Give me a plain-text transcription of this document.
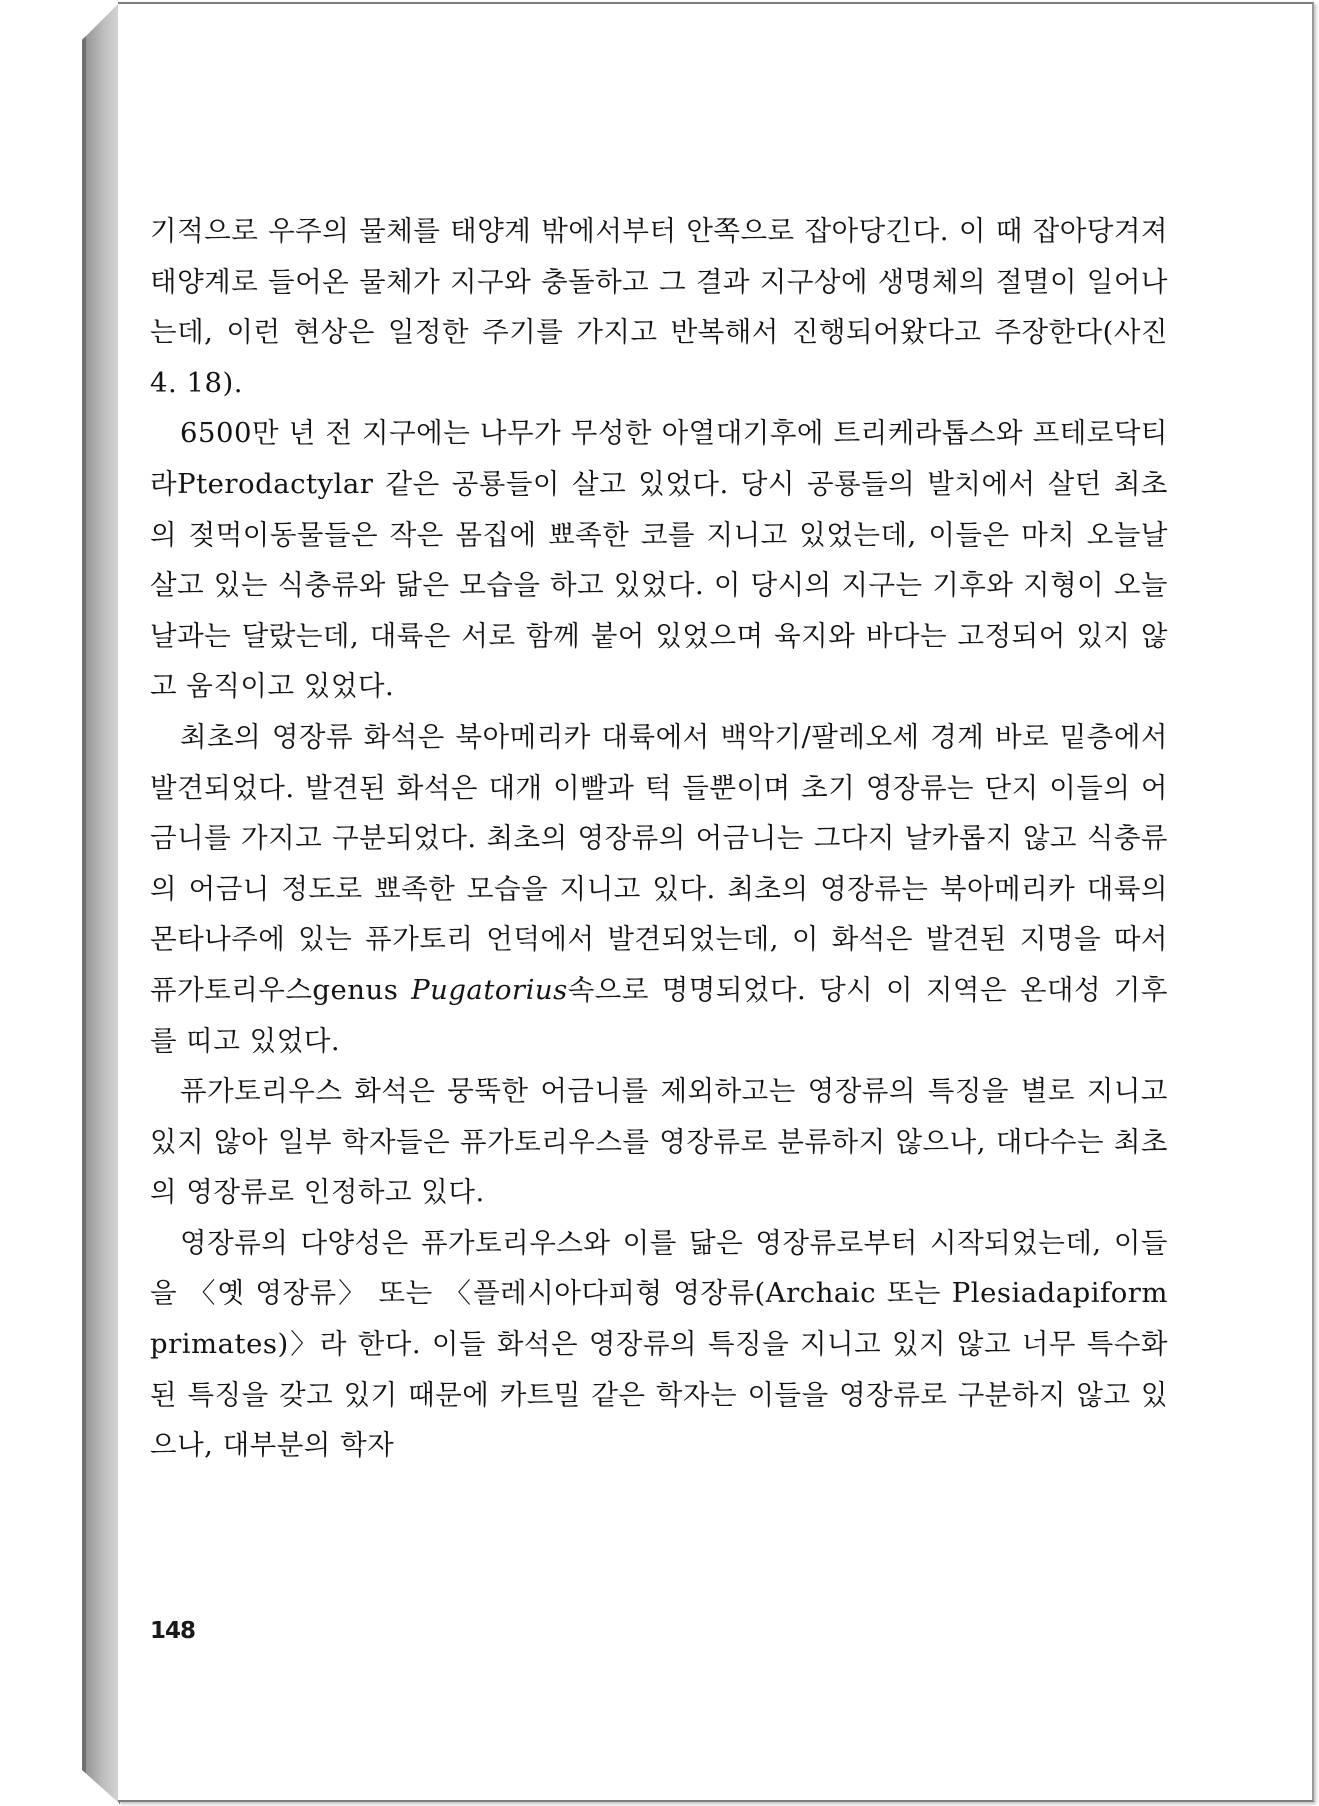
기적으로 우주의 물체를 태양계 밖에서부터 안쪽으로 잡아당긴다. 이 때 잡아당겨져 태양계로 들어온 물체가 지구와 충돌하고 그 결과 지구상에 생명체의 절멸이 일어나는데, 이런 현상은 일정한 주기를 가지고 반복해서 진행되어왔다고 주장한다(사진 4. 18).

6500만 년 전 지구에는 나무가 무성한 아열대기후에 트리케라톱스와 프테로닥티라Pterodactylar 같은 공룡들이 살고 있었다. 당시 공룡들의 발치에서 살던 최초의 젖먹이동물들은 작은 몸집에 뾰족한 코를 지니고 있었는데, 이들은 마치 오늘날 살고 있는 식충류와 닮은 모습을 하고 있었다. 이 당시의 지구는 기후와 지형이 오늘날과는 달랐는데, 대륙은 서로 함께 붙어 있었으며 육지와 바다는 고정되어 있지 않고 움직이고 있었다.

최초의 영장류 화석은 북아메리카 대륙에서 백악기/팔레오세 경계 바로 밑층에서 발견되었다. 발견된 화석은 대개 이빨과 턱 들뿐이며 초기 영장류는 단지 이들의 어금니를 가지고 구분되었다. 최초의 영장류의 어금니는 그다지 날카롭지 않고 식충류의 어금니 정도로 뾰족한 모습을 지니고 있다. 최초의 영장류는 북아메리카 대륙의 몬타나주에 있는 퓨가토리 언덕에서 발견되었는데, 이 화석은 발견된 지명을 따서 퓨가토리우스genus Pugatorius속으로 명명되었다. 당시 이 지역은 온대성 기후를 띠고 있었다.

퓨가토리우스 화석은 뭉뚝한 어금니를 제외하고는 영장류의 특징을 별로 지니고 있지 않아 일부 학자들은 퓨가토리우스를 영장류로 분류하지 않으나, 대다수는 최초의 영장류로 인정하고 있다.

영장류의 다양성은 퓨가토리우스와 이를 닮은 영장류로부터 시작되었는데, 이들을 〈옛 영장류〉 또는 〈플레시아다피형 영장류(Archaic 또는 Plesiadapiform primates)〉라 한다. 이들 화석은 영장류의 특징을 지니고 있지 않고 너무 특수화된 특징을 갖고 있기 때문에 카트밀 같은 학자는 이들을 영장류로 구분하지 않고 있으나, 대부분의 학자

148
